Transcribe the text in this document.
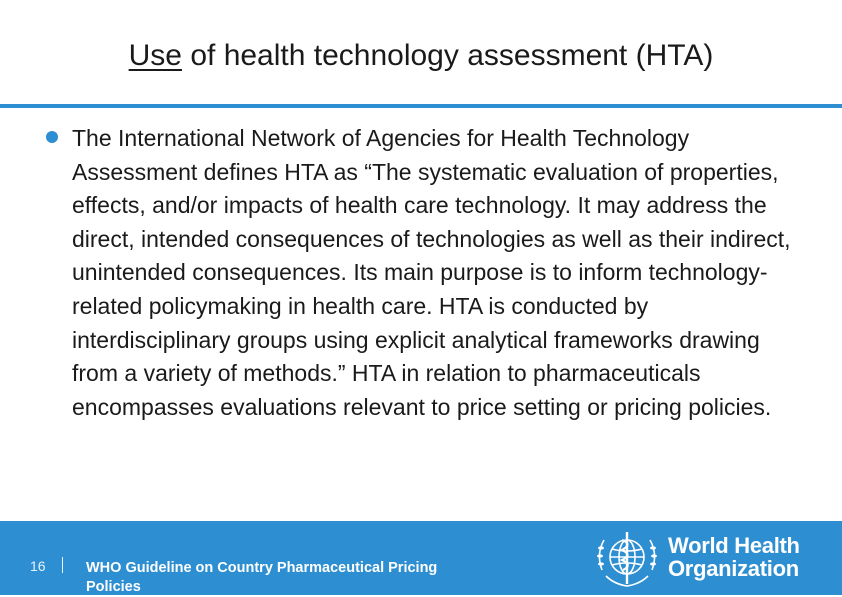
Use of health technology assessment (HTA)
The International Network of Agencies for Health Technology Assessment defines HTA as “The systematic evaluation of properties, effects, and/or impacts of health care technology. It may address the direct, intended consequences of technologies as well as their indirect, unintended consequences. Its main purpose is to inform technology-related policymaking in health care. HTA is conducted by interdisciplinary groups using explicit analytical frameworks drawing from a variety of methods.” HTA in relation to pharmaceuticals encompasses evaluations relevant to price setting or pricing policies.
16	WHO Guideline on Country Pharmaceutical Pricing Policies
World Health
Organization
